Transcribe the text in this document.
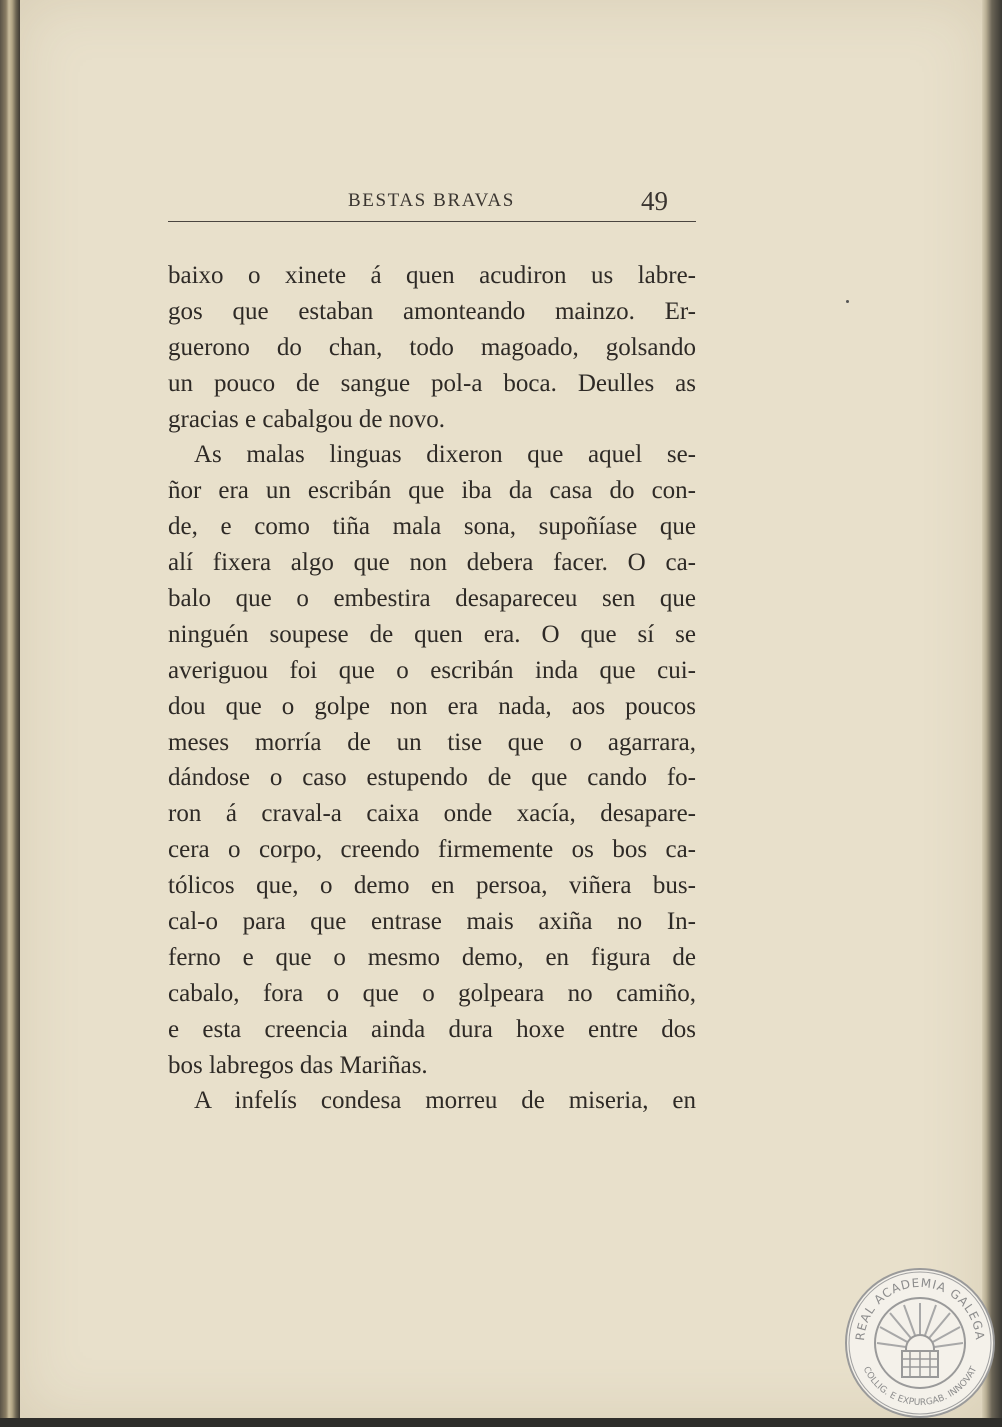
BESTAS BRAVAS	49
baixo o xinete á quen acudiron us labre-
gos que estaban amonteando mainzo. Er-
guerono do chan, todo magoado, golsando
un pouco de sangue pol-a boca. Deulles as
gracias e cabalgou de novo.
As malas linguas dixeron que aquel se-
ñor era un escribán que iba da casa do con-
de, e como tiña mala sona, supoñíase que
alí fixera algo que non debera facer. O ca-
balo que o embestira desapareceu sen que
ninguén soupese de quen era. O que sí se
averiguou foi que o escribán inda que cui-
dou que o golpe non era nada, aos poucos
meses morría de un tise que o agarrara,
dándose o caso estupendo de que cando fo-
ron á craval-a caixa onde xacía, desapare-
cera o corpo, creendo firmemente os bos ca-
tólicos que, o demo en persoa, viñera bus-
cal-o para que entrase mais axiña no In-
ferno e que o mesmo demo, en figura de
cabalo, fora o que o golpeara no camiño,
e esta creencia ainda dura hoxe entre dos
bos labregos das Mariñas.
A infelís condesa morreu de miseria, en
REAL ACADEMIA GALEGA
COLLIG. E EXPURGAB. INNOVAT
